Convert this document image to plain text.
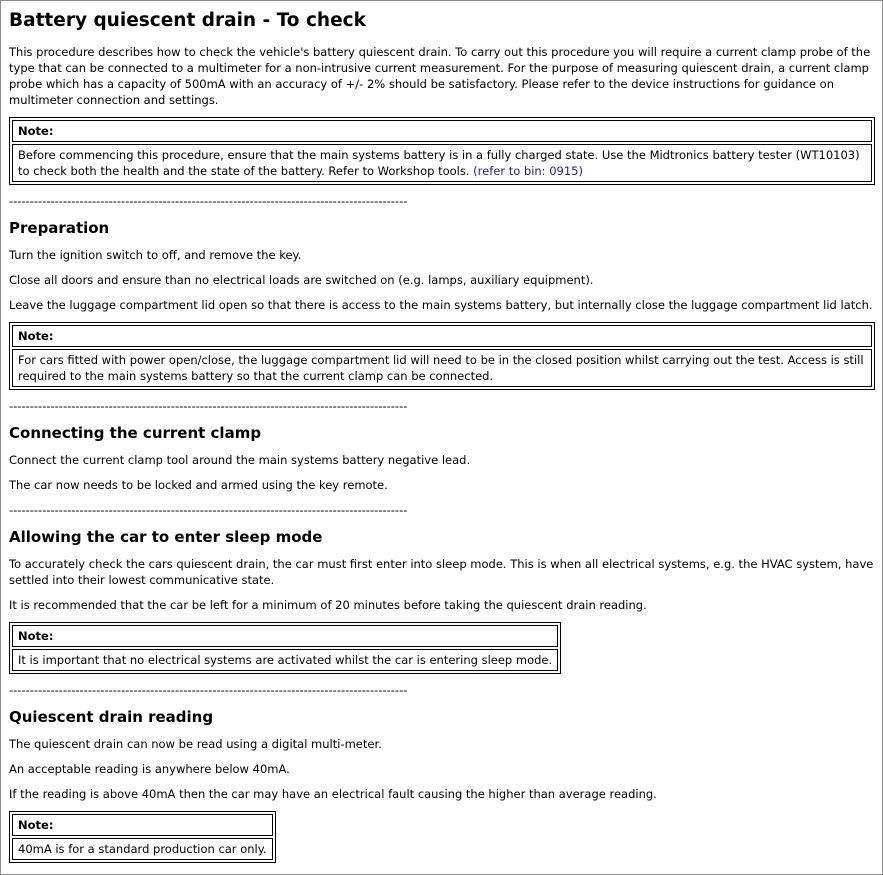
Battery quiescent drain - To check

This procedure describes how to check the vehicle's battery quiescent drain. To carry out this procedure you will require a current clamp probe of the type that can be connected to a multimeter for a non-intrusive current measurement. For the purpose of measuring quiescent drain, a current clamp probe which has a capacity of 500mA with an accuracy of +/- 2% should be satisfactory. Please refer to the device instructions for guidance on multimeter connection and settings.

Note:
Before commencing this procedure, ensure that the main systems battery is in a fully charged state. Use the Midtronics battery tester (WT10103) to check both the health and the state of the battery. Refer to Workshop tools. (refer to bin: 0915)
------------------------------------------------------------------------------------------------
Preparation

Turn the ignition switch to off, and remove the key.

Close all doors and ensure than no electrical loads are switched on (e.g. lamps, auxiliary equipment).

Leave the luggage compartment lid open so that there is access to the main systems battery, but internally close the luggage compartment lid latch.

Note:
For cars fitted with power open/close, the luggage compartment lid will need to be in the closed position whilst carrying out the test. Access is still required to the main systems battery so that the current clamp can be connected.
------------------------------------------------------------------------------------------------
Connecting the current clamp

Connect the current clamp tool around the main systems battery negative lead.

The car now needs to be locked and armed using the key remote.

------------------------------------------------------------------------------------------------
Allowing the car to enter sleep mode

To accurately check the cars quiescent drain, the car must first enter into sleep mode. This is when all electrical systems, e.g. the HVAC system, have settled into their lowest communicative state.

It is recommended that the car be left for a minimum of 20 minutes before taking the quiescent drain reading.

Note:
It is important that no electrical systems are activated whilst the car is entering sleep mode.
------------------------------------------------------------------------------------------------
Quiescent drain reading

The quiescent drain can now be read using a digital multi-meter.

An acceptable reading is anywhere below 40mA.

If the reading is above 40mA then the car may have an electrical fault causing the higher than average reading.

Note:
40mA is for a standard production car only.
